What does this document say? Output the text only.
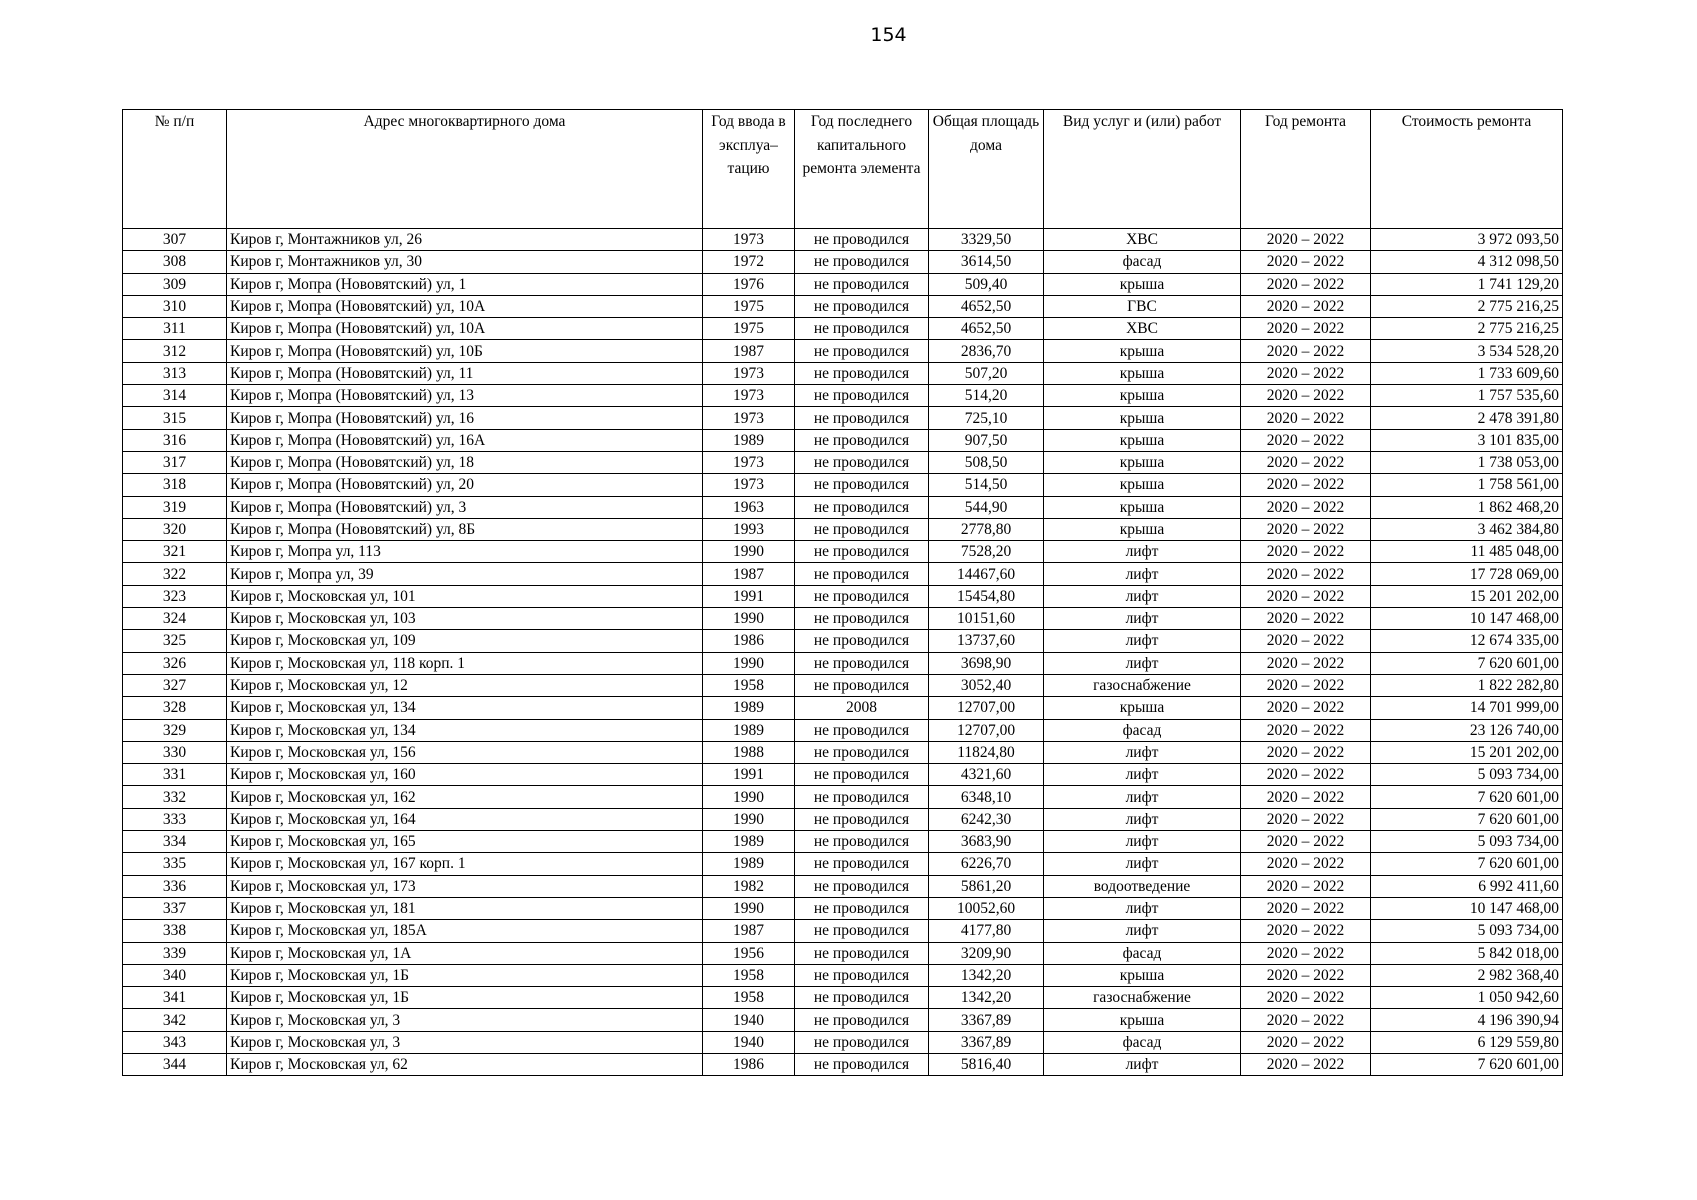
154
№ п/п	Адрес многоквартирного дома	Год ввода в эксплуа–тацию	Год последнего капитального ремонта элемента	Общая площадь дома	Вид услуг и (или) работ	Год ремонта	Стоимость ремонта
307	Киров г, Монтажников ул, 26	1973	не проводился	3329,50	ХВС	2020 – 2022	3 972 093,50
308	Киров г, Монтажников ул, 30	1972	не проводился	3614,50	фасад	2020 – 2022	4 312 098,50
309	Киров г, Мопра (Нововятский) ул, 1	1976	не проводился	509,40	крыша	2020 – 2022	1 741 129,20
310	Киров г, Мопра (Нововятский) ул, 10А	1975	не проводился	4652,50	ГВС	2020 – 2022	2 775 216,25
311	Киров г, Мопра (Нововятский) ул, 10А	1975	не проводился	4652,50	ХВС	2020 – 2022	2 775 216,25
312	Киров г, Мопра (Нововятский) ул, 10Б	1987	не проводился	2836,70	крыша	2020 – 2022	3 534 528,20
313	Киров г, Мопра (Нововятский) ул, 11	1973	не проводился	507,20	крыша	2020 – 2022	1 733 609,60
314	Киров г, Мопра (Нововятский) ул, 13	1973	не проводился	514,20	крыша	2020 – 2022	1 757 535,60
315	Киров г, Мопра (Нововятский) ул, 16	1973	не проводился	725,10	крыша	2020 – 2022	2 478 391,80
316	Киров г, Мопра (Нововятский) ул, 16А	1989	не проводился	907,50	крыша	2020 – 2022	3 101 835,00
317	Киров г, Мопра (Нововятский) ул, 18	1973	не проводился	508,50	крыша	2020 – 2022	1 738 053,00
318	Киров г, Мопра (Нововятский) ул, 20	1973	не проводился	514,50	крыша	2020 – 2022	1 758 561,00
319	Киров г, Мопра (Нововятский) ул, 3	1963	не проводился	544,90	крыша	2020 – 2022	1 862 468,20
320	Киров г, Мопра (Нововятский) ул, 8Б	1993	не проводился	2778,80	крыша	2020 – 2022	3 462 384,80
321	Киров г, Мопра ул, 113	1990	не проводился	7528,20	лифт	2020 – 2022	11 485 048,00
322	Киров г, Мопра ул, 39	1987	не проводился	14467,60	лифт	2020 – 2022	17 728 069,00
323	Киров г, Московская ул, 101	1991	не проводился	15454,80	лифт	2020 – 2022	15 201 202,00
324	Киров г, Московская ул, 103	1990	не проводился	10151,60	лифт	2020 – 2022	10 147 468,00
325	Киров г, Московская ул, 109	1986	не проводился	13737,60	лифт	2020 – 2022	12 674 335,00
326	Киров г, Московская ул, 118 корп. 1	1990	не проводился	3698,90	лифт	2020 – 2022	7 620 601,00
327	Киров г, Московская ул, 12	1958	не проводился	3052,40	газоснабжение	2020 – 2022	1 822 282,80
328	Киров г, Московская ул, 134	1989	2008	12707,00	крыша	2020 – 2022	14 701 999,00
329	Киров г, Московская ул, 134	1989	не проводился	12707,00	фасад	2020 – 2022	23 126 740,00
330	Киров г, Московская ул, 156	1988	не проводился	11824,80	лифт	2020 – 2022	15 201 202,00
331	Киров г, Московская ул, 160	1991	не проводился	4321,60	лифт	2020 – 2022	5 093 734,00
332	Киров г, Московская ул, 162	1990	не проводился	6348,10	лифт	2020 – 2022	7 620 601,00
333	Киров г, Московская ул, 164	1990	не проводился	6242,30	лифт	2020 – 2022	7 620 601,00
334	Киров г, Московская ул, 165	1989	не проводился	3683,90	лифт	2020 – 2022	5 093 734,00
335	Киров г, Московская ул, 167 корп. 1	1989	не проводился	6226,70	лифт	2020 – 2022	7 620 601,00
336	Киров г, Московская ул, 173	1982	не проводился	5861,20	водоотведение	2020 – 2022	6 992 411,60
337	Киров г, Московская ул, 181	1990	не проводился	10052,60	лифт	2020 – 2022	10 147 468,00
338	Киров г, Московская ул, 185А	1987	не проводился	4177,80	лифт	2020 – 2022	5 093 734,00
339	Киров г, Московская ул, 1А	1956	не проводился	3209,90	фасад	2020 – 2022	5 842 018,00
340	Киров г, Московская ул, 1Б	1958	не проводился	1342,20	крыша	2020 – 2022	2 982 368,40
341	Киров г, Московская ул, 1Б	1958	не проводился	1342,20	газоснабжение	2020 – 2022	1 050 942,60
342	Киров г, Московская ул, 3	1940	не проводился	3367,89	крыша	2020 – 2022	4 196 390,94
343	Киров г, Московская ул, 3	1940	не проводился	3367,89	фасад	2020 – 2022	6 129 559,80
344	Киров г, Московская ул, 62	1986	не проводился	5816,40	лифт	2020 – 2022	7 620 601,00
